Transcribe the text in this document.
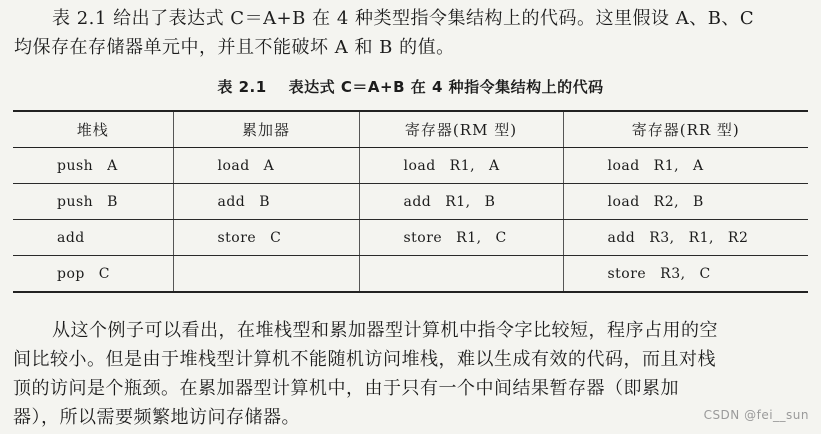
表 2.1 给出了表达式 C＝A+B 在 4 种类型指令集结构上的代码。这里假设 A、B、C
均保存在存储器单元中，并且不能破坏 A 和 B 的值。
表 2.1 表达式 C＝A+B 在 4 种指令集结构上的代码
堆栈	累加器	寄存器(RM 型)	寄存器(RR 型)
push A	load A	load R1, A	load R1, A
push B	add B	add R1, B	load R2, B
add	store C	store R1, C	add R3, R1, R2
pop C			store R3, C
从这个例子可以看出，在堆栈型和累加器型计算机中指令字比较短，程序占用的空
间比较小。但是由于堆栈型计算机不能随机访问堆栈，难以生成有效的代码，而且对栈
顶的访问是个瓶颈。在累加器型计算机中，由于只有一个中间结果暂存器（即累加
器），所以需要频繁地访问存储器。	CSDN @fei__sun
